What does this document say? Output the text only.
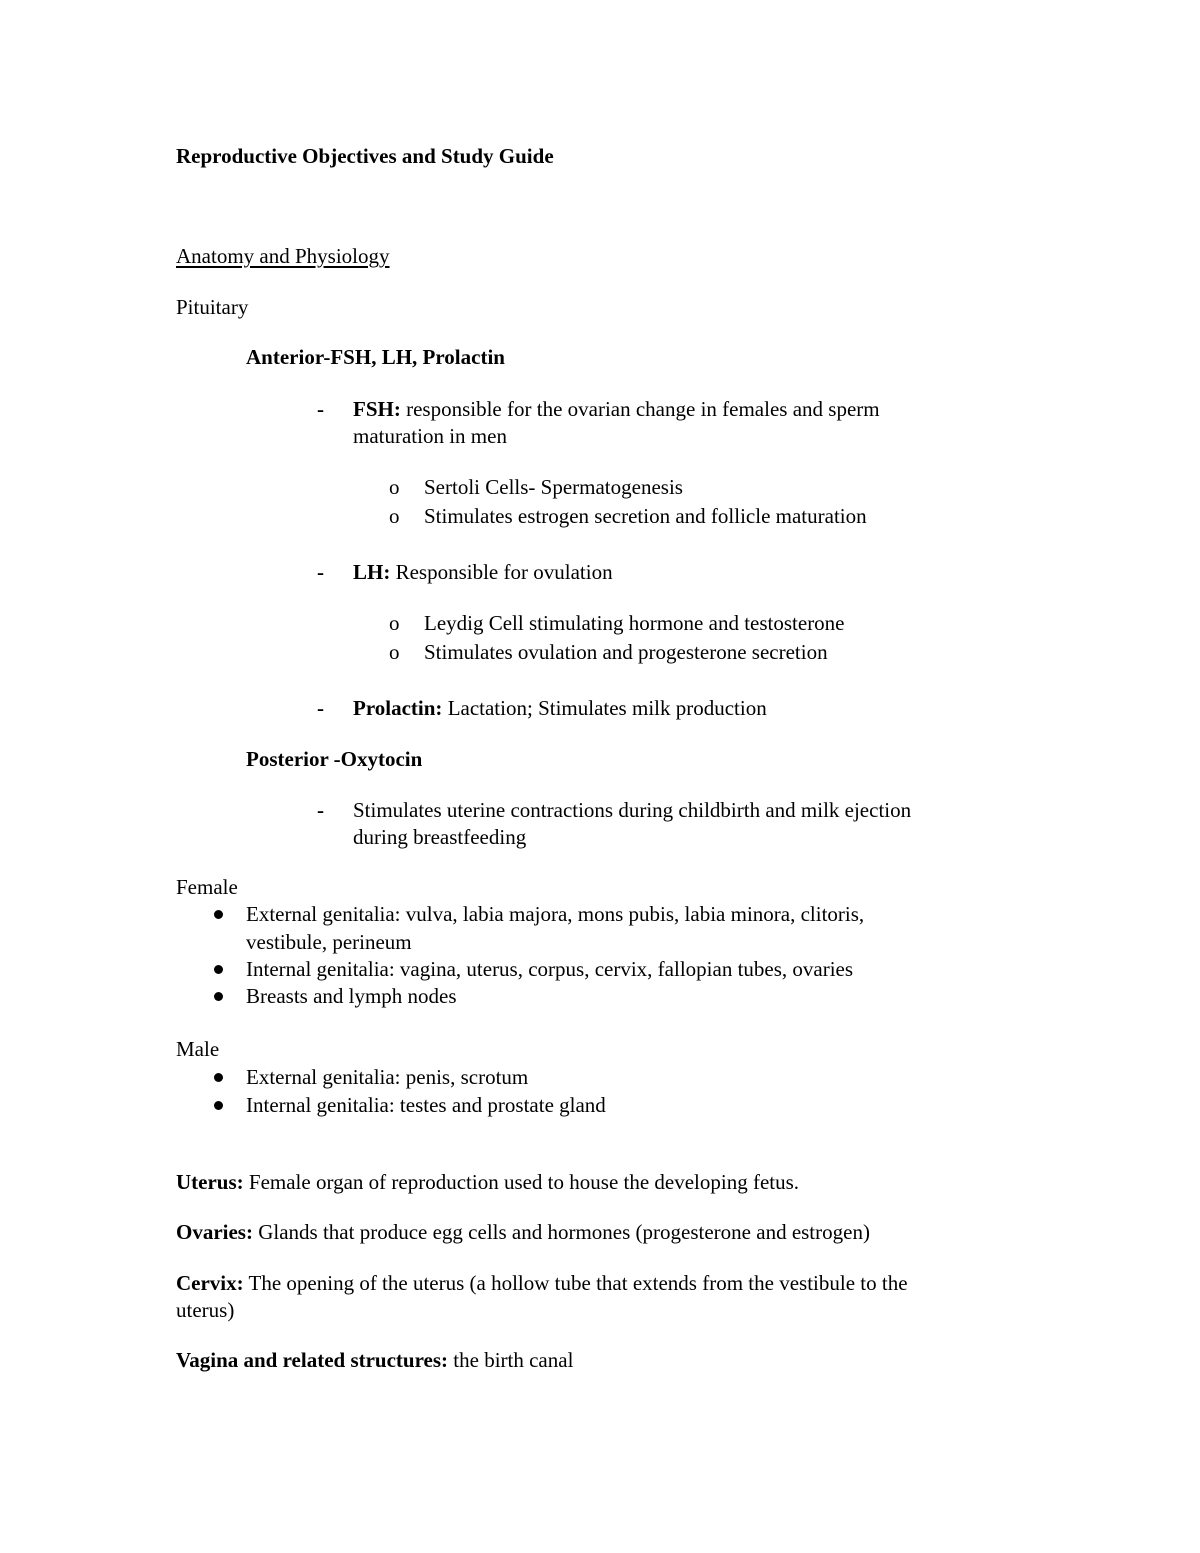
Reproductive Objectives and Study Guide
Anatomy and Physiology
Pituitary
Anterior-FSH, LH, Prolactin
- FSH: responsible for the ovarian change in females and sperm
maturation in men
o Sertoli Cells- Spermatogenesis
o Stimulates estrogen secretion and follicle maturation
- LH: Responsible for ovulation
o Leydig Cell stimulating hormone and testosterone
o Stimulates ovulation and progesterone secretion
- Prolactin: Lactation; Stimulates milk production
Posterior -Oxytocin
- Stimulates uterine contractions during childbirth and milk ejection
during breastfeeding
Female
External genitalia: vulva, labia majora, mons pubis, labia minora, clitoris,
vestibule, perineum
Internal genitalia: vagina, uterus, corpus, cervix, fallopian tubes, ovaries
Breasts and lymph nodes
Male
External genitalia: penis, scrotum
Internal genitalia: testes and prostate gland
Uterus: Female organ of reproduction used to house the developing fetus.
Ovaries: Glands that produce egg cells and hormones (progesterone and estrogen)
Cervix: The opening of the uterus (a hollow tube that extends from the vestibule to the
uterus)
Vagina and related structures: the birth canal
